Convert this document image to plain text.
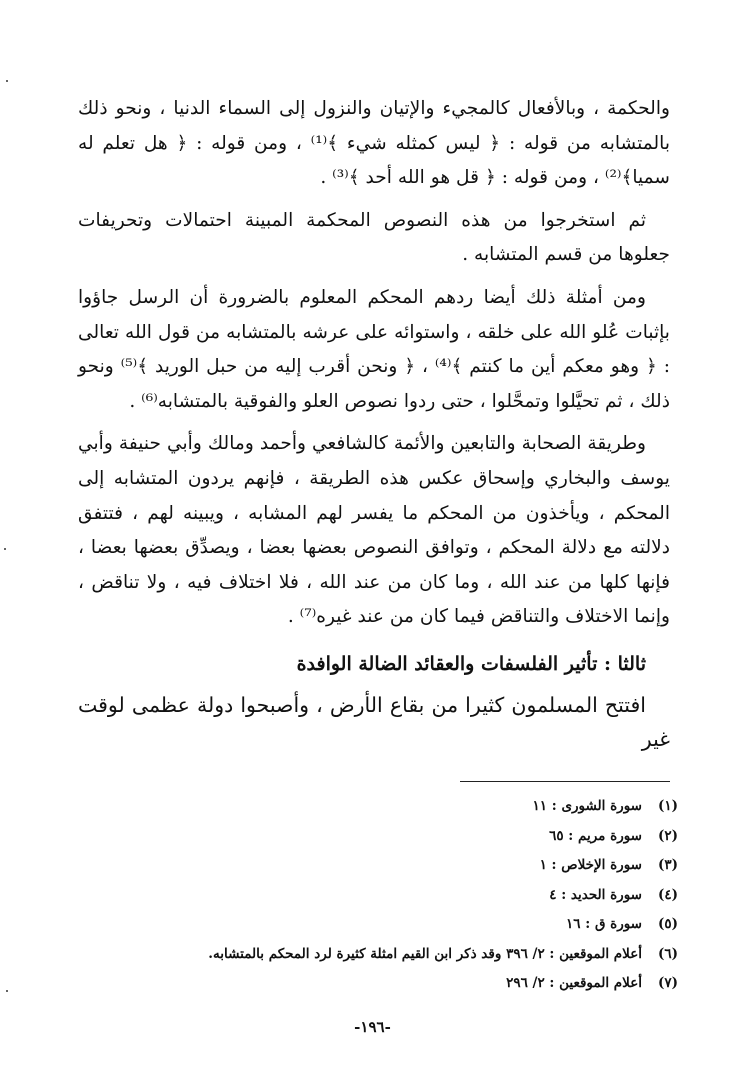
والحكمة ، وبالأفعال كالمجيء والإتيان والنزول إلى السماء الدنيا ، ونحو ذلك بالمتشابه من قوله : ﴿ ليس كمثله شيء ﴾⁽¹⁾ ، ومن قوله : ﴿ هل تعلم له سميا﴾⁽²⁾ ، ومن قوله : ﴿ قل هو الله أحد ﴾⁽³⁾ .

ثم استخرجوا من هذه النصوص المحكمة المبينة احتمالات وتحريفات جعلوها من قسم المتشابه .

ومن أمثلة ذلك أيضا ردهم المحكم المعلوم بالضرورة أن الرسل جاؤوا بإثبات عُلو الله على خلقه ، واستوائه على عرشه بالمتشابه من قول الله تعالى : ﴿ وهو معكم أين ما كنتم ﴾⁽⁴⁾ ، ﴿ ونحن أقرب إليه من حبل الوريد ﴾⁽⁵⁾ ونحو ذلك ، ثم تحيَّلوا وتمحَّلوا ، حتى ردوا نصوص العلو والفوقية بالمتشابه⁽⁶⁾ .

وطريقة الصحابة والتابعين والأئمة كالشافعي وأحمد ومالك وأبي حنيفة وأبي يوسف والبخاري وإسحاق عكس هذه الطريقة ، فإنهم يردون المتشابه إلى المحكم ، ويأخذون من المحكم ما يفسر لهم المشابه ، ويبينه لهم ، فتتفق دلالته مع دلالة المحكم ، وتوافق النصوص بعضها بعضا ، ويصدِّق بعضها بعضا ، فإنها كلها من عند الله ، وما كان من عند الله ، فلا اختلاف فيه ، ولا تناقض ، وإنما الاختلاف والتناقض فيما كان من عند غيره⁽⁷⁾ .

ثالثا : تأثير الفلسفات والعقائد الضالة الوافدة

افتتح المسلمون كثيرا من بقاع الأرض ، وأصبحوا دولة عظمى لوقت غير

(١)
سورة الشورى : ١١
(٢)
سورة مريم : ٦٥
(٣)
سورة الإخلاص : ١
(٤)
سورة الحديد : ٤
(٥)
سورة ق : ١٦
(٦)
أعلام الموقعين : ٢/ ٣٩٦ وقد ذكر ابن القيم امثلة كثيرة لرد المحكم بالمتشابه.
(٧)
أعلام الموقعين : ٢/ ٢٩٦
-١٩٦-
